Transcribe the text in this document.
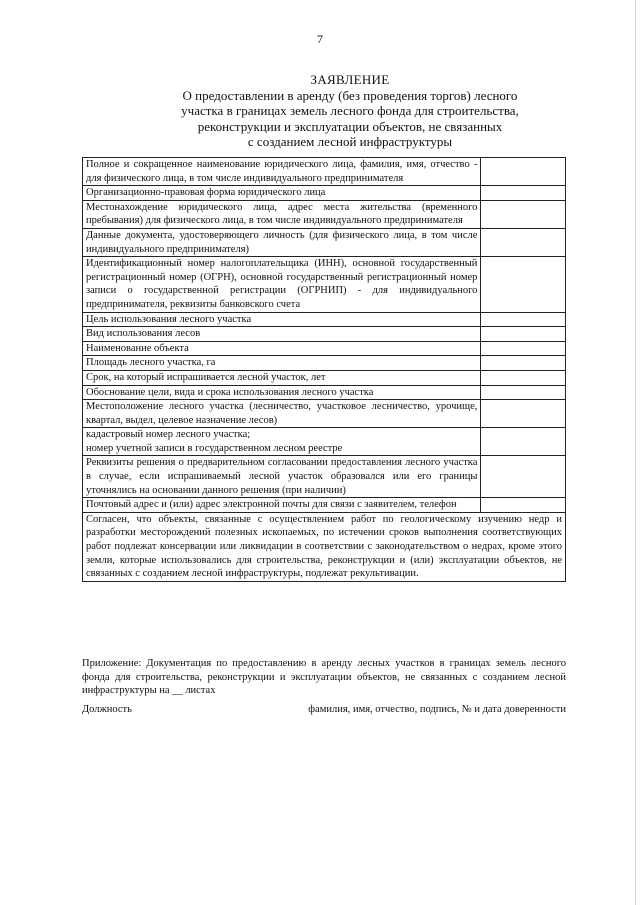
7
ЗАЯВЛЕНИЕ
О предоставлении в аренду (без проведения торгов) лесного
участка в границах земель лесного фонда для строительства,
реконструкции и эксплуатации объектов, не связанных
с созданием лесной инфраструктуры
Полное и сокращенное наименование юридического лица, фамилия, имя, отчество - для физического лица, в том числе индивидуального предпринимателя	
Организационно-правовая форма юридического лица	
Местонахождение юридического лица, адрес места жительства (временного пребывания) для физического лица, в том числе индивидуального предпринимателя	
Данные документа, удостоверяющего личность (для физического лица, в том числе индивидуального предпринимателя)	
Идентификационный номер налогоплательщика (ИНН), основной государственный регистрационный номер (ОГРН), основной государственный регистрационный номер записи о государственной регистрации (ОГРНИП) - для индивидуального предпринимателя, реквизиты банковского счета	
Цель использования лесного участка	
Вид использования лесов	
Наименование объекта	
Площадь лесного участка, га	
Срок, на который испрашивается лесной участок, лет	
Обоснование цели, вида и срока использования лесного участка	
Местоположение лесного участка (лесничество, участковое лесничество, урочище, квартал, выдел, целевое назначение лесов)	

кадастровый номер лесного участка;
номер учетной записи в государственном лесном реестре	

Реквизиты решения о предварительном согласовании предоставления лесного участка в случае, если испрашиваемый лесной участок образовался или его границы уточнялись на основании данного решения (при наличии)	
Почтовый адрес и (или) адрес электронной почты для связи с заявителем, телефон	
Согласен, что объекты, связанные с осуществлением работ по геологическому изучению недр и разработки месторождений полезных ископаемых, по истечении сроков выполнения соответствующих работ подлежат консервации или ликвидации в соответствии с законодательством о недрах, кроме этого земли, которые использовались для строительства, реконструкции и (или) эксплуатации объектов, не связанных с созданием лесной инфраструктуры, подлежат рекультивации.	
Приложение: Документация по предоставлению в аренду лесных участков в границах земель лесного фонда для строительства, реконструкции и эксплуатации объектов, не связанных с созданием лесной инфраструктуры на __ листах
Должность	фамилия, имя, отчество, подпись, № и дата доверенности
